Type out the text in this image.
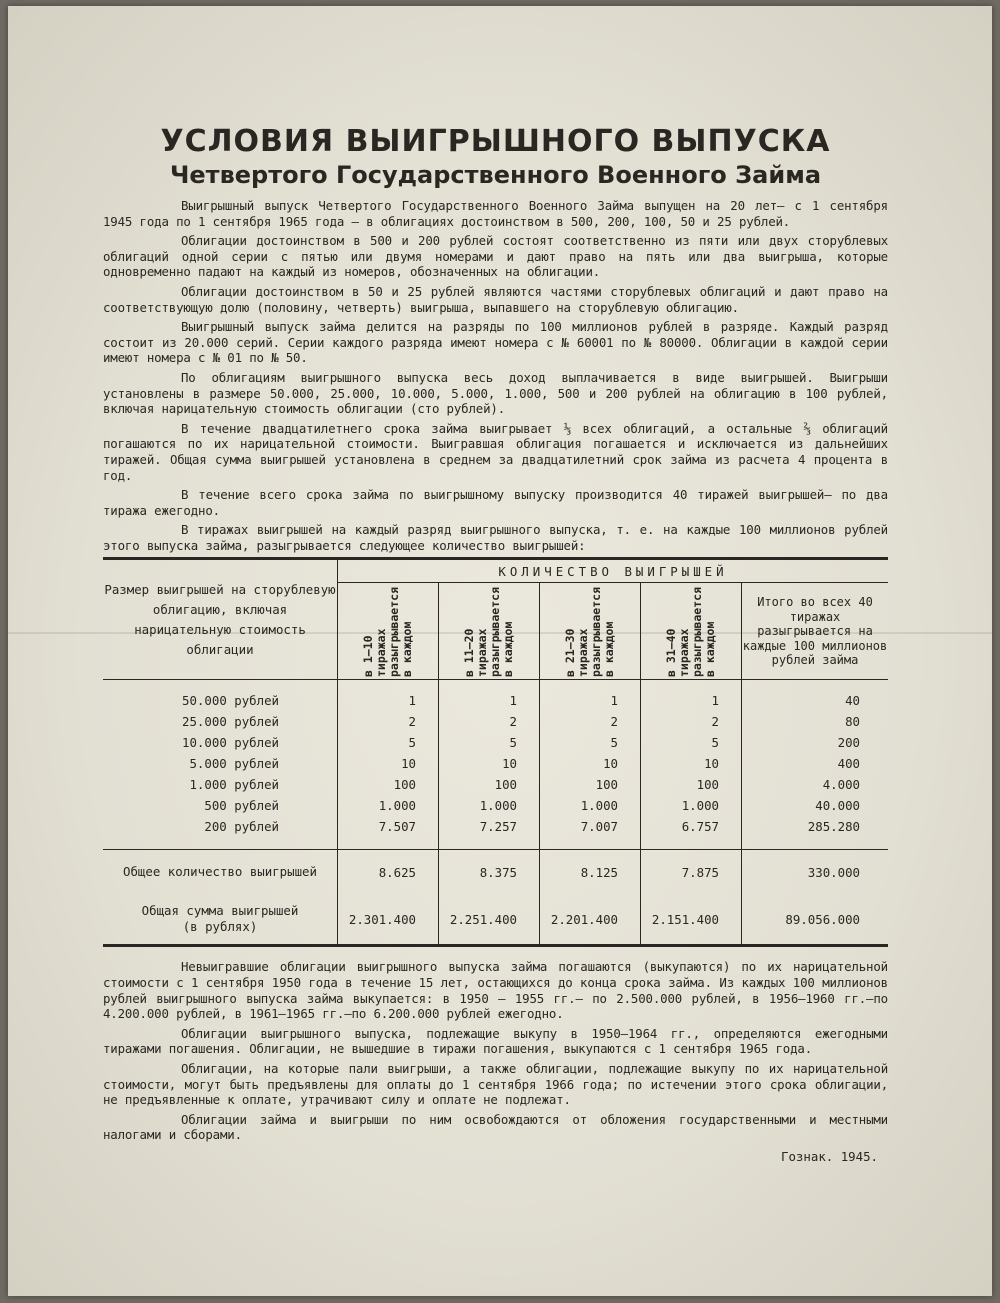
УСЛОВИЯ ВЫИГРЫШНОГО ВЫПУСКА
Четвертого Государственного Военного Займа

Выигрышный выпуск Четвертого Государственного Военного Займа выпущен на 20 лет— с 1 сентября 1945 года по 1 сентября 1965 года — в облигациях достоинством в 500, 200, 100, 50 и 25 рублей.

Облигации достоинством в 500 и 200 рублей состоят соответственно из пяти или двух сторублевых облигаций одной серии с пятью или двумя номерами и дают право на пять или два выигрыша, которые одновременно падают на каждый из номеров, обозначенных на облигации.

Облигации достоинством в 50 и 25 рублей являются частями сторублевых облигаций и дают право на соответствующую долю (половину, четверть) выигрыша, выпавшего на сторублевую облигацию.

Выигрышный выпуск займа делится на разряды по 100 миллионов рублей в разряде. Каждый разряд состоит из 20.000 серий. Серии каждого разряда имеют номера с № 60001 по № 80000. Облигации в каждой серии имеют номера с № 01 по № 50.

По облигациям выигрышного выпуска весь доход выплачивается в виде выигрышей. Выигрыши установлены в размере 50.000, 25.000, 10.000, 5.000, 1.000, 500 и 200 рублей на облигацию в 100 рублей, включая нарицательную стоимость облигации (сто рублей).

В течение двадцатилетнего срока займа выигрывает ⅓ всех облигаций, а остальные ⅔ облигаций погашаются по их нарицательной стоимости. Выигравшая облигация погашается и исключается из дальнейших тиражей. Общая сумма выигрышей установлена в среднем за двадцатилетний срок займа из расчета 4 процента в год.

В течение всего срока займа по выигрышному выпуску производится 40 тиражей выигрышей— по два тиража ежегодно.

В тиражах выигрышей на каждый разряд выигрышного выпуска, т. е. на каждые 100 миллионов рублей этого выпуска займа, разыгрывается следующее количество выигрышей:

Размер выигрышей на сторублевую облигацию, включая нарицательную стоимость облигации	КОЛИЧЕСТВО ВЫИГРЫШЕЙ				

	в 1—10 тиражах разыгрывается в каждом	в 11—20 тиражах разыгрывается в каждом	в 21—30 тиражах разыгрывается в каждом	в 31—40 тиражах разыгрывается в каждом	Итого во всех 40 тиражах разыгрывается на каждые 100 миллионов рублей займа

50.000 рублей	1	1	1	1	40
25.000 рублей	2	2	2	2	80
10.000 рублей	5	5	5	5	200
5.000 рублей	10	10	10	10	400
1.000 рублей	100	100	100	100	4.000
500 рублей	1.000	1.000	1.000	1.000	40.000
200 рублей	7.507	7.257	7.007	6.757	285.280

Общее количество выигрышей	8.625	8.375	8.125	7.875	330.000

Общая сумма выигрышей
(в рублях)	2.301.400	2.251.400	2.201.400	2.151.400	89.056.000

Невыигравшие облигации выигрышного выпуска займа погашаются (выкупаются) по их нарицательной стоимости с 1 сентября 1950 года в течение 15 лет, остающихся до конца срока займа. Из каждых 100 миллионов рублей выигрышного выпуска займа выкупается: в 1950 — 1955 гг.— по 2.500.000 рублей, в 1956—1960 гг.—по 4.200.000 рублей, в 1961—1965 гг.—по 6.200.000 рублей ежегодно.

Облигации выигрышного выпуска, подлежащие выкупу в 1950—1964 гг., определяются ежегодными тиражами погашения. Облигации, не вышедшие в тиражи погашения, выкупаются с 1 сентября 1965 года.

Облигации, на которые пали выигрыши, а также облигации, подлежащие выкупу по их нарицательной стоимости, могут быть предъявлены для оплаты до 1 сентября 1966 года; по истечении этого срока облигации, не предъявленные к оплате, утрачивают силу и оплате не подлежат.

Облигации займа и выигрыши по ним освобождаются от обложения государственными и местными налогами и сборами.

Гознак. 1945.
